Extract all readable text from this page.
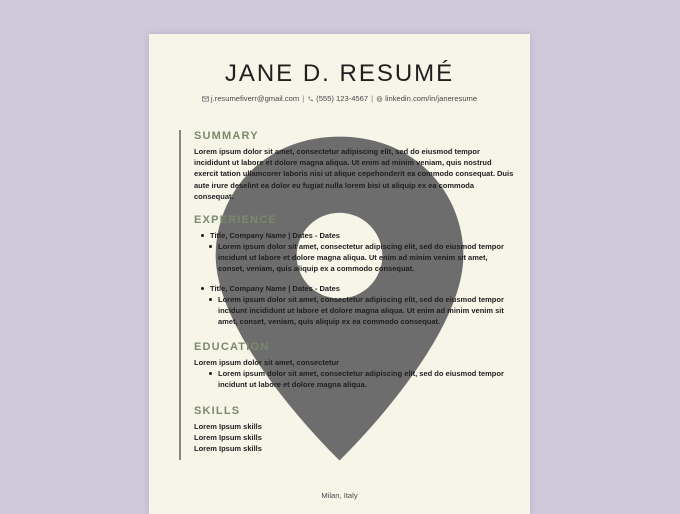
JANE D. RESUMÉ
j.resumefiverr@gmail.com | (555) 123-4567 | linkedin.com/in/janeresume
Milan, Italy
SUMMARY

Lorem ipsum dolor sit amet, consectetur adipiscing elit, sed do eiusmod tempor incididunt ut labore et dolore magna aliqua. Ut enim ad minim veniam, quis nostrud exercit tation ullamcorer laboris nisi ut alique cepehonderit ea commodo consequat. Duis aute irure deselint ea dolor eu fugiat nulla lorem bisi ut aliquip ex ea commoda consequat.

EXPERIENCE
Title, Company Name | Dates - Dates
Lorem ipsum dolor sit amet, consectetur adipiscing elit, sed do eiusmod tempor incidunt ut labore et dolore magna aliqua. Ut enim ad minim venim sit amet, conset, veniam, quis aliquip ex a commodo consequat.
Title, Company Name | Dates - Dates
Lorem ipsum dolor sit amet, consectetur adipiscing elit, sed do eiusmod tempor incidunt incididunt ut labore et dolore magna aliqua. Ut enim ad minim venim sit amet, conset, veniam, quis aliquip ex ea commodo consequat.
EDUCATION
Lorem ipsum dolor sit amet, consectetur
Lorem ipsum dolor sit amet, consectetur adipiscing elit, sed do eiusmod tempor incidunt ut labore et dolore magna aliqua.
SKILLS
Lorem Ipsum skills
Lorem Ipsum skills
Lorem Ipsum skills
